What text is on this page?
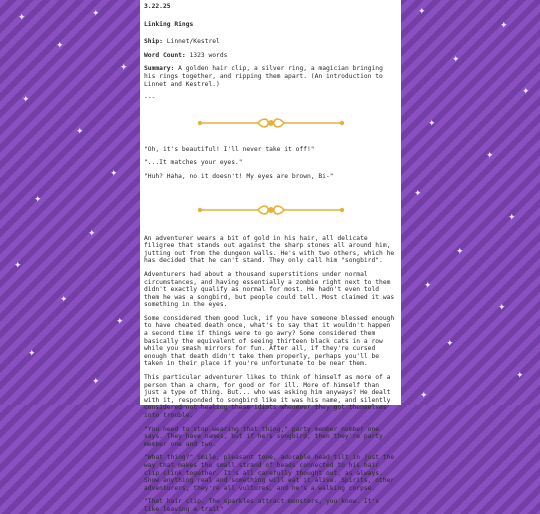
✦	✦
✦
✦
✦
✦
✦
✦
✦
✦
✦
✦
✦
✦
✦
✦
✦
✦
✦
✦
✦
✦
✦
✦
✦
✦
✦
✦

3.22.25

Linking Rings

Ship: Linnet/Kestrel

Word Count: 1323 words

Summary: A golden hair clip, a silver ring, a magician bringing his rings together, and ripping them apart. (An introduction to Linnet and Kestrel.)

---

"Oh, it's beautiful! I'll never take it off!"

"...It matches your eyes."

"Huh? Haha, no it doesn't! My eyes are brown, Bi-"

An adventurer wears a bit of gold in his hair, all delicate filigree that stands out against the sharp stones all around him, jutting out from the dungeon walls. He's with two others, which he has decided that he can't stand. They only call him "songbird".

Adventurers had about a thousand superstitions under normal circumstances, and having essentially a zombie right next to them didn't exactly qualify as normal for most. He hadn't even told them he was a songbird, but people could tell. Most claimed it was something in the eyes.

Some considered them good luck, if you have someone blessed enough to have cheated death once, what's to say that it wouldn't happen a second time if things were to go awry? Some considered them basically the equivalent of seeing thirteen black cats in a row while you smash mirrors for fun. After all, if they're cursed enough that death didn't take them properly, perhaps you'll be taken in their place if you're unfortunate to be near them.

This particular adventurer likes to think of himself as more of a person than a charm, for good or for ill. More of himself than just a type of thing. But... who was asking him anyways? He dealt with it, responded to songbird like it was his name, and silently considered not healing these idiots whenever they got themselves into trouble.

"You need to stop wearing that thing," party member number one says. They have names, but if he's songbird, then they're party member one and two.

"What thing?" Smile, pleasant tone, adorable head tilt in just the way that makes the small strand of beads connected to his hair clip clink together. It's all carefully thought out, as always. Show anything real and something will eat it alive. Spirits, other adventurers, they're all vultures, and he's a walking corpse.

"That hair clip. The sparkles attract monsters, you know. It's like leaving a trail"
